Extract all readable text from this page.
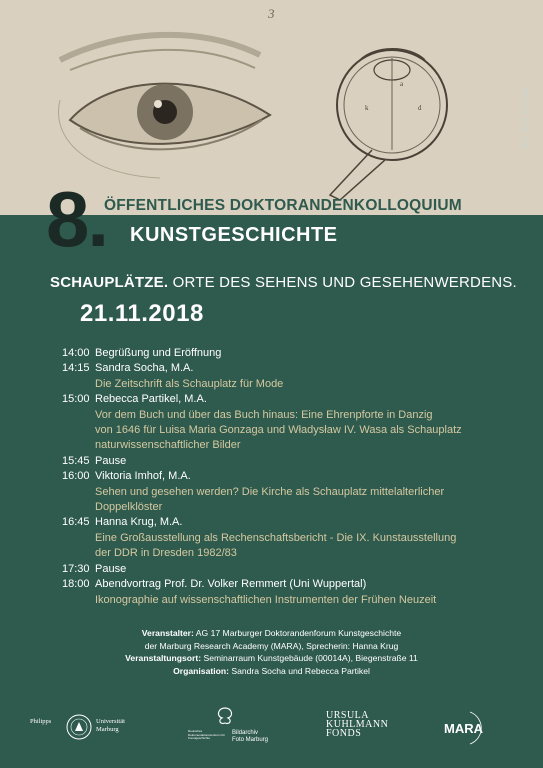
a
k	d
3
Abb.: SUB Göttingen
8.
ÖFFENTLICHES DOKTORANDENKOLLOQUIUM
KUNSTGESCHICHTE
SCHAUPLÄTZE. ORTE DES SEHENS UND GESEHENWERDENS.
21.11.2018
14:00 Begrüßung und Eröffnung
14:15 Sandra Socha, M.A.
Die Zeitschrift als Schauplatz für Mode
15:00 Rebecca Partikel, M.A.
Vor dem Buch und über das Buch hinaus: Eine Ehrenpforte in Danzig
von 1646 für Luisa Maria Gonzaga und Władysław IV. Wasa als Schauplatz
naturwissenschaftlicher Bilder
15:45 Pause
16:00 Viktoria Imhof, M.A.
Sehen und gesehen werden? Die Kirche als Schauplatz mittelalterlicher
Doppelklöster
16:45 Hanna Krug, M.A.
Eine Großausstellung als Rechenschaftsbericht - Die IX. Kunstausstellung
der DDR in Dresden 1982/83
17:30 Pause
18:00 Abendvortrag Prof. Dr. Volker Remmert (Uni Wuppertal)
Ikonographie auf wissenschaftlichen Instrumenten der Frühen Neuzeit
Veranstalter: AG 17 Marburger Doktorandenforum Kunstgeschichte
der Marburg Research Academy (MARA), Sprecherin: Hanna Krug
Veranstaltungsort: Seminarraum Kunstgebäude (00014A), Biegenstraße 11
Organisation: Sandra Socha und Rebecca Partikel
Philipps	Universität
Marburg	Deutsches Dokumentationszentrum für Kunstgeschichte
Bildarchiv
Foto Marburg
URSULA
KUHLMANN
FONDS	MARA
